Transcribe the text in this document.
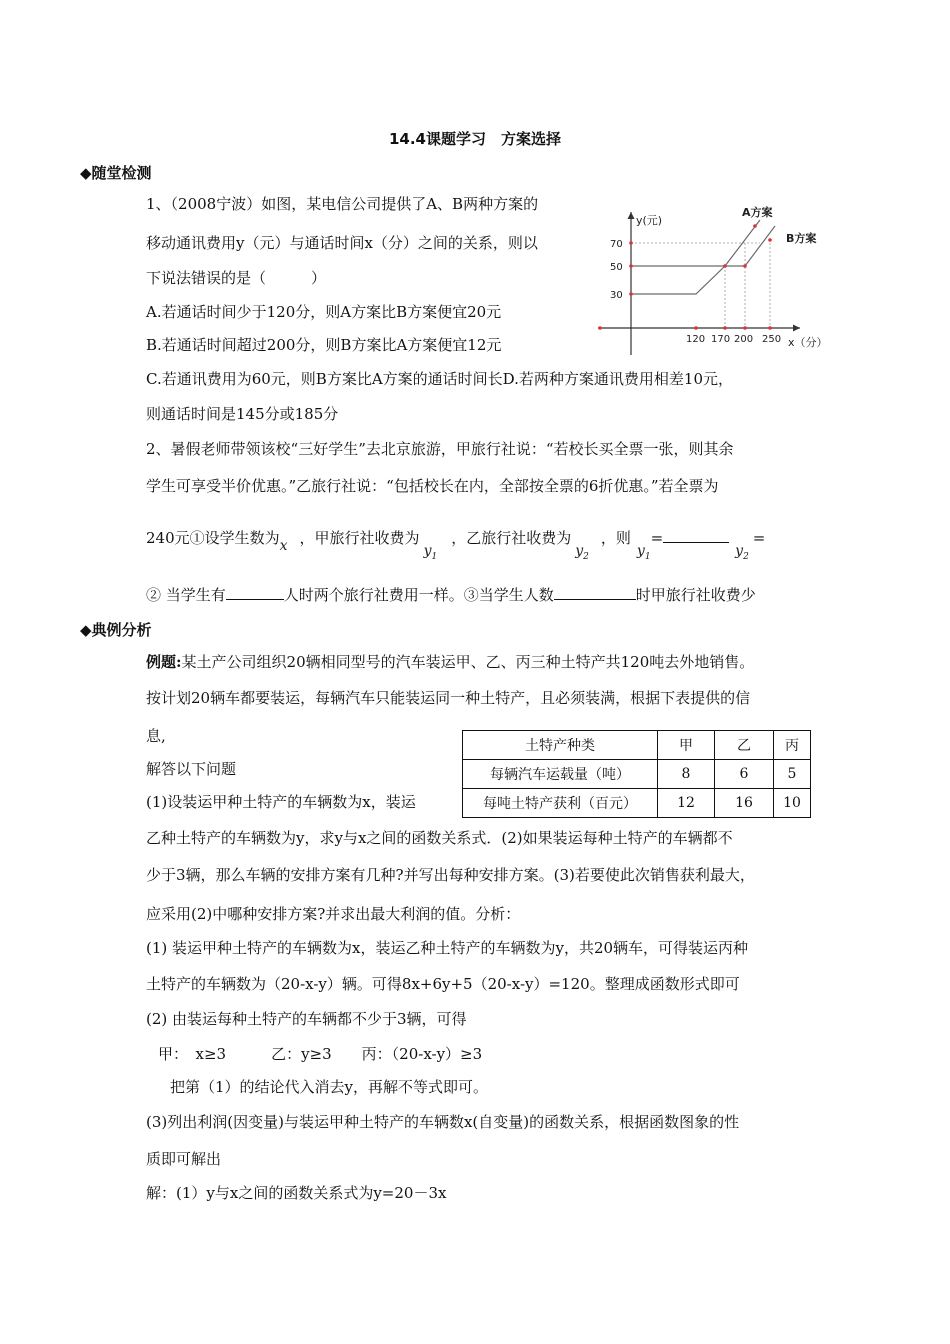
14.4课题学习　方案选择
◆随堂检测
1、（2008宁波）如图，某电信公司提供了A、B两种方案的
移动通讯费用y（元）与通话时间x（分）之间的关系，则以
下说法错误的是（　　　）
A.若通话时间少于120分，则A方案比B方案便宜20元
B.若通话时间超过200分，则B方案比A方案便宜12元
C.若通讯费用为60元，则B方案比A方案的通话时间长D.若两种方案通讯费用相差10元，
则通话时间是145分或185分
y(元)
A方案
B方案
70
50
30
120 170 200 250 x（分）
2、暑假老师带领该校“三好学生”去北京旅游，甲旅行社说：“若校长买全票一张，则其余
学生可享受半价优惠。”乙旅行社说：“包括校长在内，全部按全票的6折优惠。”若全票为
240元①设学生数为x ，甲旅行社收费为$y_1$，乙旅行社收费为$y_2$，则$y_1=y_2=$
② 当学生有	人时两个旅行社费用一样。③当学生人数	时甲旅行社收费少
◆典例分析
例题:某土产公司组织20辆相同型号的汽车装运甲、乙、丙三种土特产共120吨去外地销售。
按计划20辆车都要装运，每辆汽车只能装运同一种土特产，且必须装满，根据下表提供的信
息,
解答以下问题
(1)设装运甲种土特产的车辆数为x，装运
土特产种类	甲	乙	丙
每辆汽车运载量（吨）	8	6	5
每吨土特产获利（百元）	12	16	10
乙种土特产的车辆数为y，求y与x之间的函数关系式．(2)如果装运每种土特产的车辆都不
少于3辆，那么车辆的安排方案有几种?并写出每种安排方案。(3)若要使此次销售获利最大，
应采用(2)中哪种安排方案?并求出最大利润的值。分析：
(1) 装运甲种土特产的车辆数为x，装运乙种土特产的车辆数为y，共20辆车，可得装运丙种
土特产的车辆数为（20-x-y）辆。可得8x+6y+5（20-x-y）=120。整理成函数形式即可
(2) 由装运每种土特产的车辆都不少于3辆，可得
甲：　x≥3　　　乙：y≥3　　丙：（20-x-y）≥3
把第（1）的结论代入消去y，再解不等式即可。
(3)列出利润(因变量)与装运甲种土特产的车辆数x(自变量)的函数关系，根据函数图象的性
质即可解出
解：(1）y与x之间的函数关系式为y=20－3x
